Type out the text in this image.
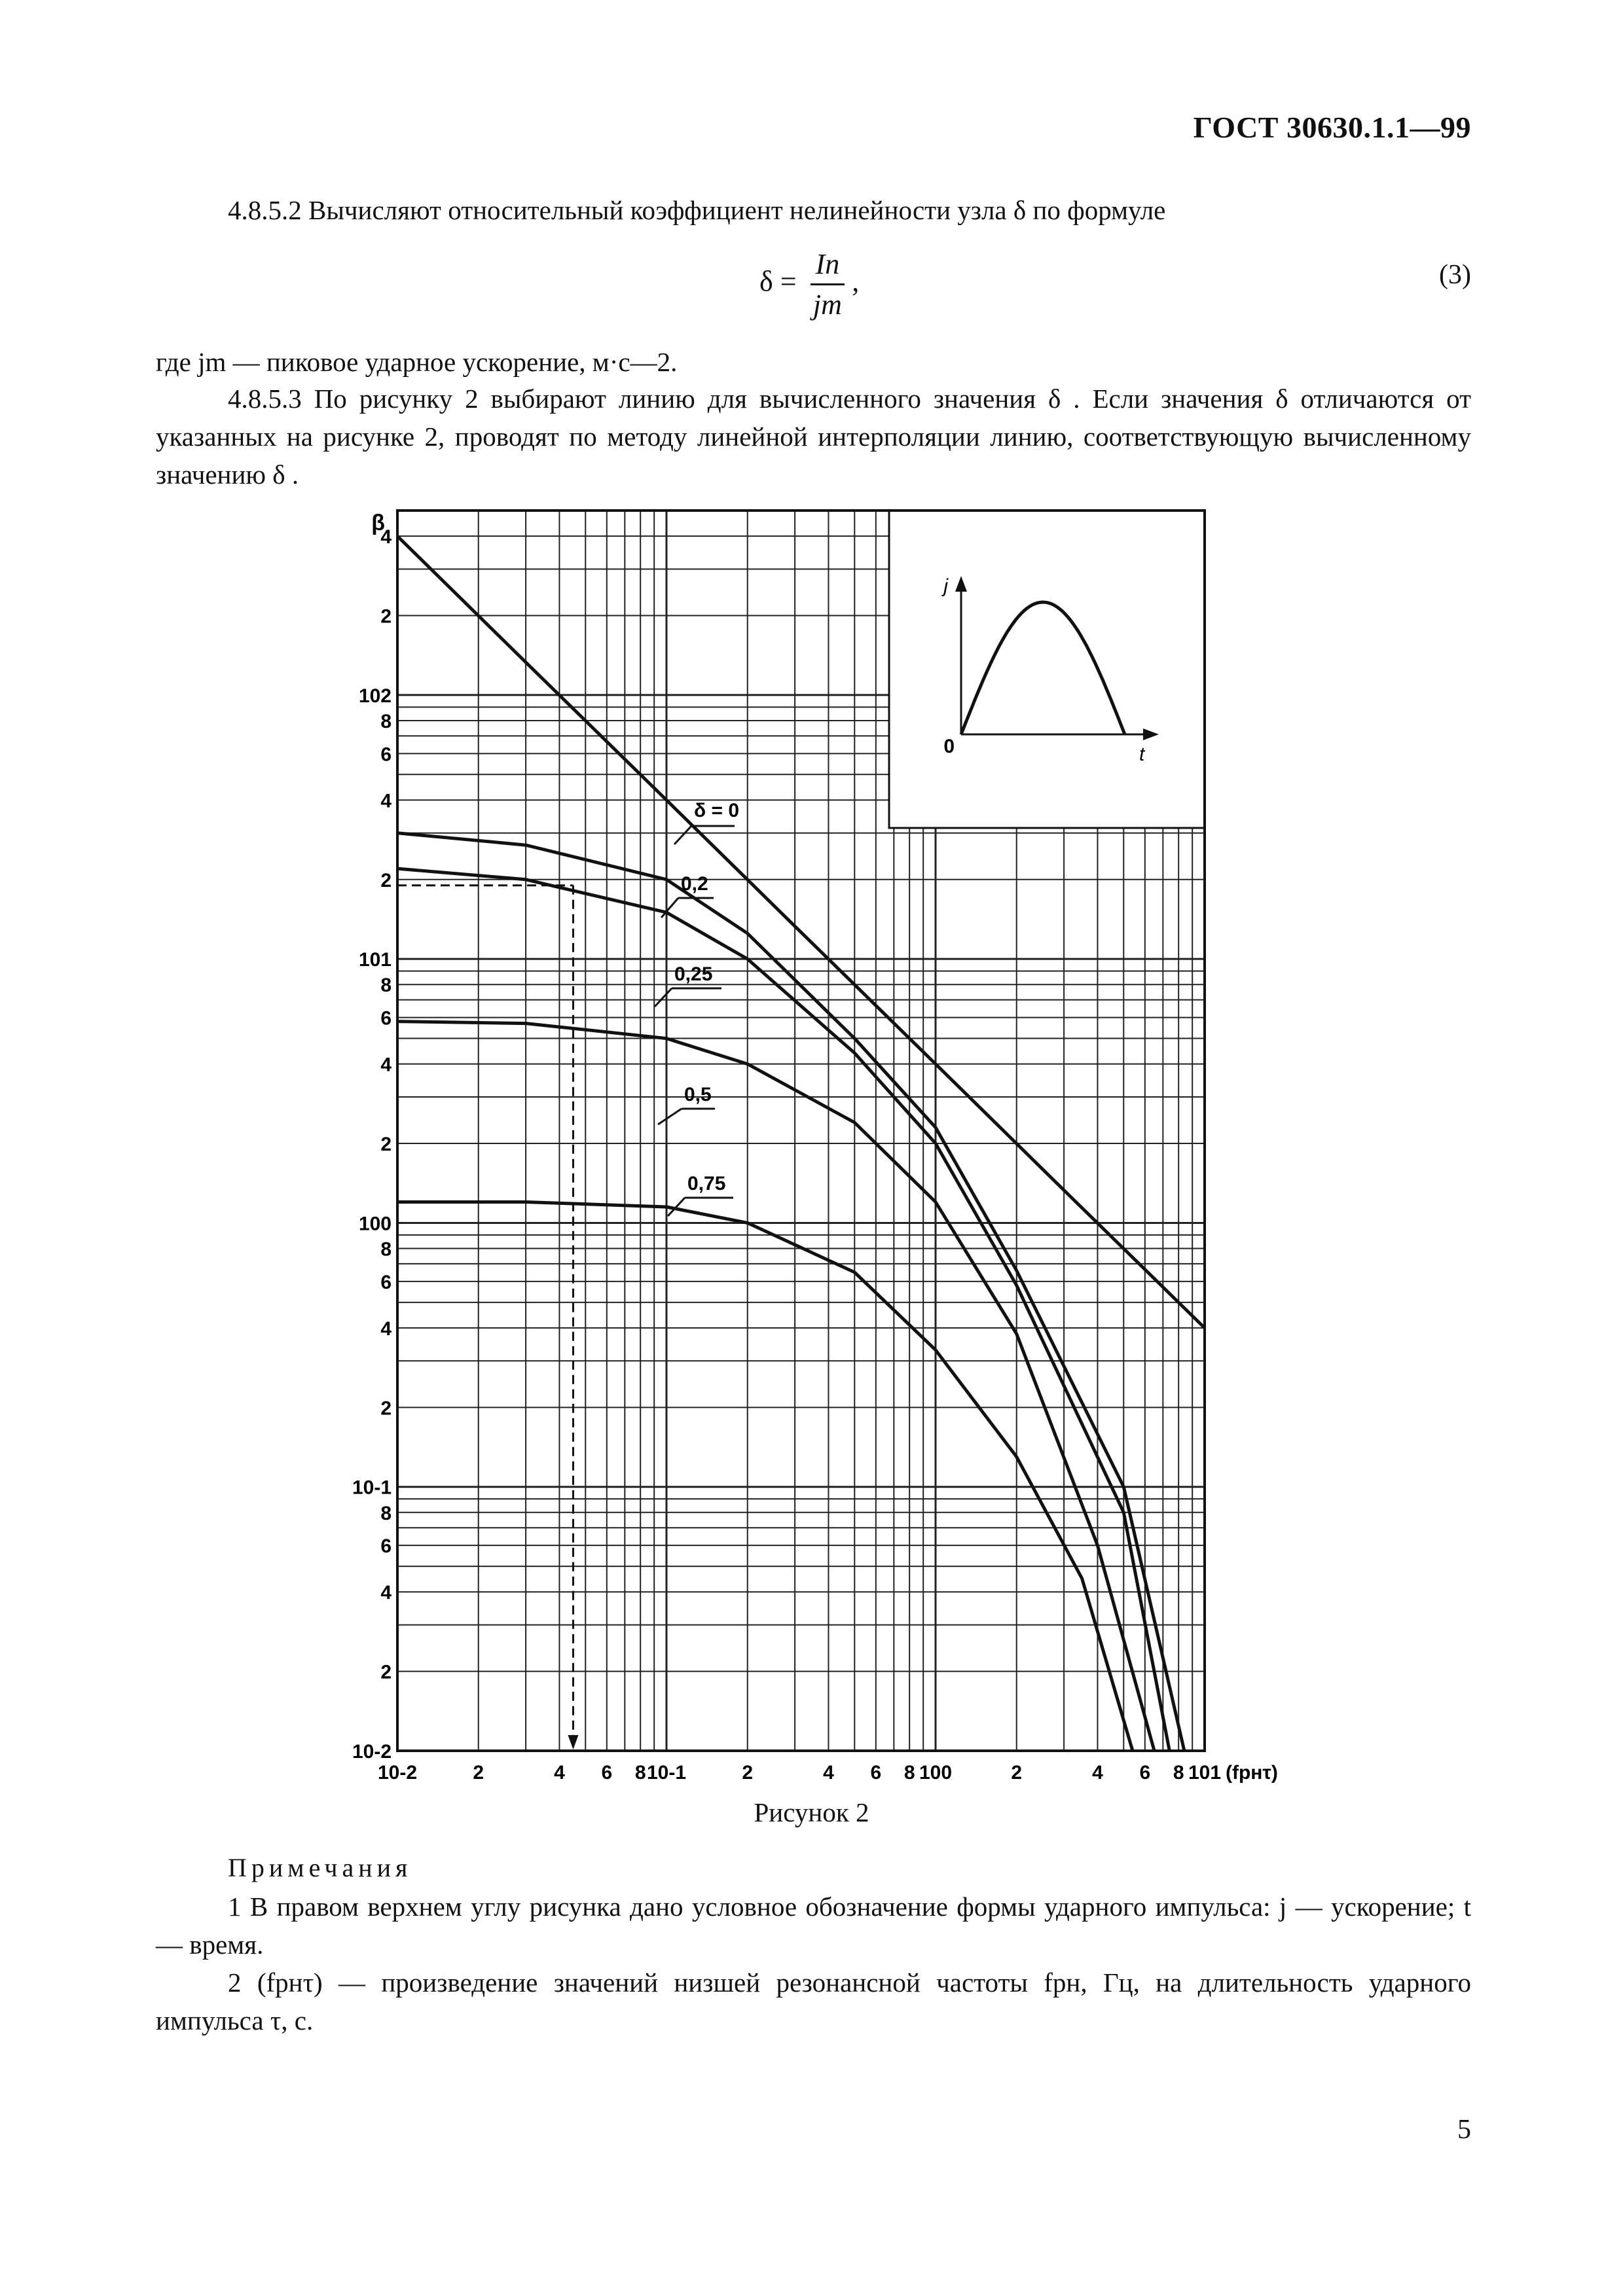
ГОСТ 30630.1.1—99
4.8.5.2 Вычисляют относительный коэффициент нелинейности узла δ по формуле
$\delta = \frac{In}{jm}$ ,	(3)
где jm — пиковое ударное ускорение, м·с—2.
4.8.5.3 По рисунку 2 выбирают линию для вычисленного значения δ . Если значения δ отличаются от указанных на рисунке 2, проводят по методу линейной интерполяции линию, соответствующую вычисленному значению δ .
j
t
0
δ = 0
0,2
0,25
0,5
0,75
β
(fрнτ)
4
2
102
8
6
4
2
101
8
6
4
2
100
8
6
4
2
10-1
8
6
4
2
10-2
10-2	2	4 6 8 10-1	2	4 6 8 100	2	4 6 8 101
Рисунок 2
Примечания
1 В правом верхнем углу рисунка дано условное обозначение формы ударного импульса: j — ускорение; t — время.
2 (fрнτ) — произведение значений низшей резонансной частоты fрн, Гц, на длительность ударного импульса τ, с.
5
